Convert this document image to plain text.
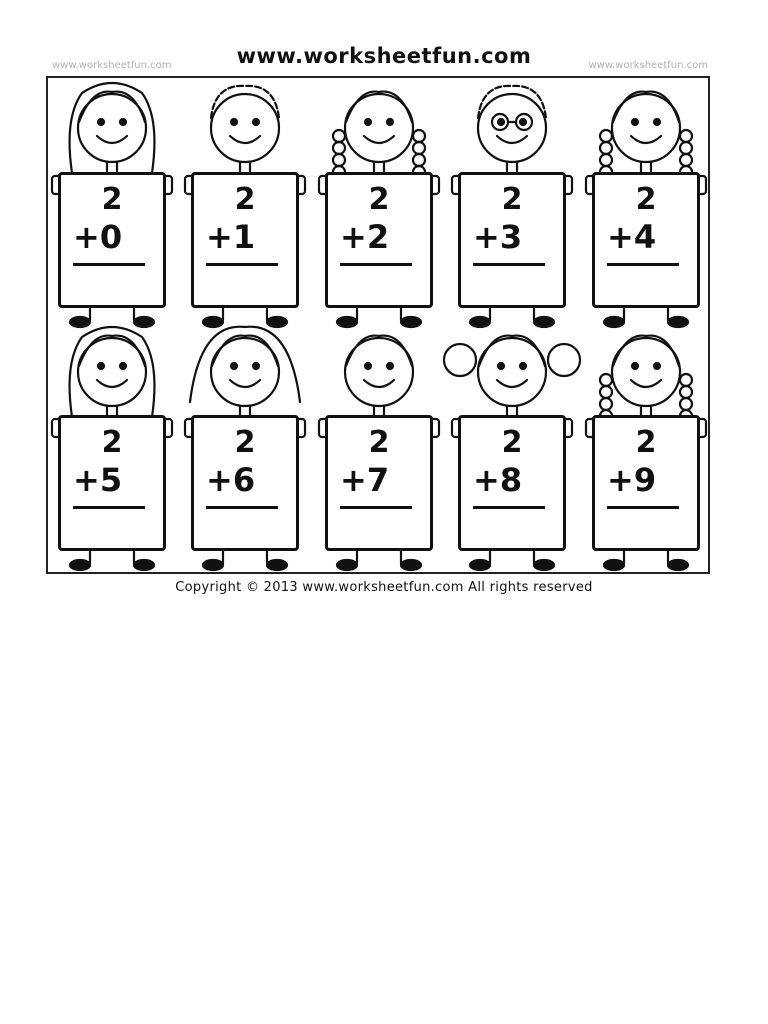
www.worksheetfun.com	www.worksheetfun.com	www.worksheetfun.com
2
+0
2
+1
2
+2
2
+3
2
+4
2
+5
2
+6
2
+7
2
+8
2
+9
Copyright © 2013 www.worksheetfun.com All rights reserved
